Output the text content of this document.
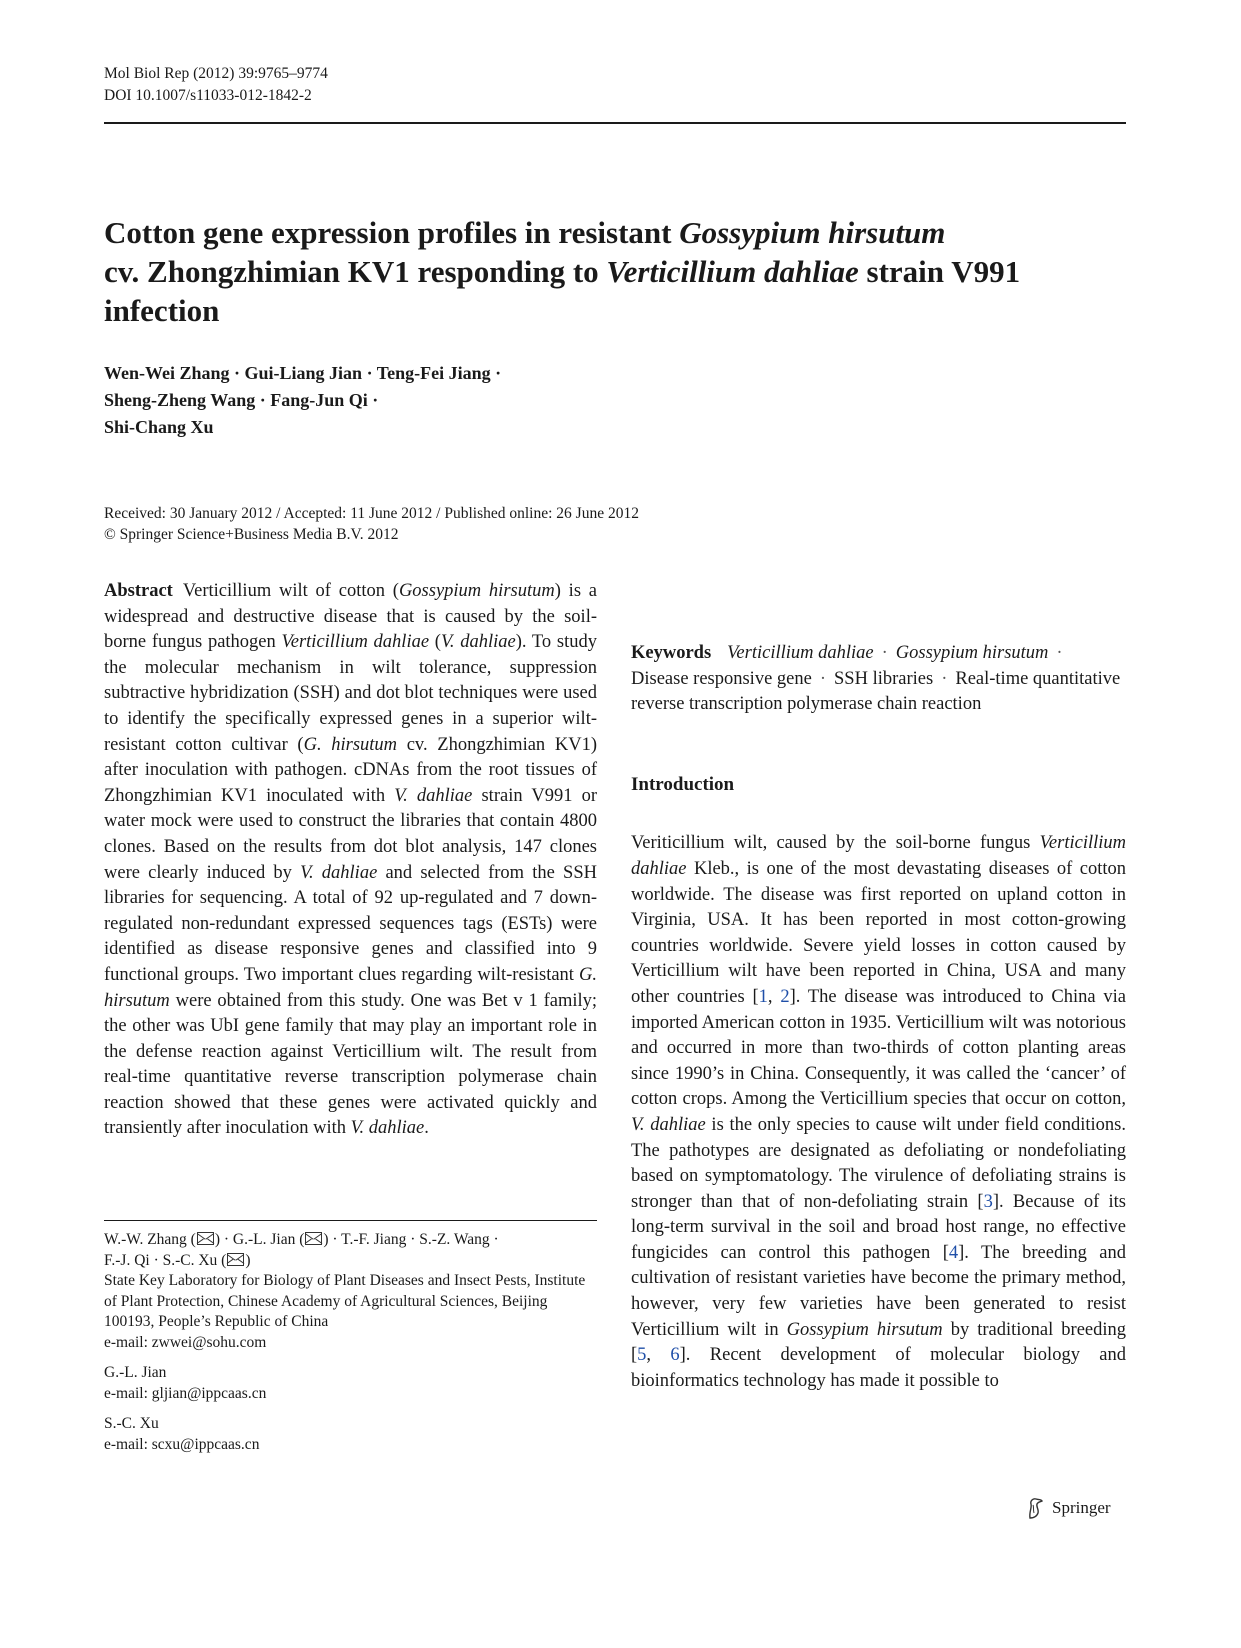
Mol Biol Rep (2012) 39:9765–9774
DOI 10.1007/s11033-012-1842-2
Cotton gene expression profiles in resistant Gossypium hirsutum
cv. Zhongzhimian KV1 responding to Verticillium dahliae strain V991 infection
Wen-Wei Zhang · Gui-Liang Jian · Teng-Fei Jiang ·
Sheng-Zheng Wang · Fang-Jun Qi ·
Shi-Chang Xu
Received: 30 January 2012 / Accepted: 11 June 2012 / Published online: 26 June 2012
© Springer Science+Business Media B.V. 2012
Abstract Verticillium wilt of cotton (Gossypium hirsutum) is a widespread and destructive disease that is caused by the soil-borne fungus pathogen Verticillium dahliae (V. dahliae). To study the molecular mechanism in wilt tolerance, suppression subtractive hybridization (SSH) and dot blot techniques were used to identify the specifically expressed genes in a superior wilt-resistant cotton cultivar (G. hirsutum cv. Zhongzhimian KV1) after inoculation with pathogen. cDNAs from the root tissues of Zhongzhimian KV1 inoculated with V. dahliae strain V991 or water mock were used to construct the libraries that contain 4800 clones. Based on the results from dot blot analysis, 147 clones were clearly induced by V. dahliae and selected from the SSH libraries for sequencing. A total of 92 up-regulated and 7 down-regulated non-redundant expressed sequences tags (ESTs) were identified as disease responsive genes and classified into 9 functional groups. Two important clues regarding wilt-resistant G. hirsutum were obtained from this study. One was Bet v 1 family; the other was UbI gene family that may play an important role in the defense reaction against Verticillium wilt. The result from real-time quantitative reverse transcription polymerase chain reaction showed that these genes were activated quickly and transiently after inoculation with V. dahliae.

W.-W. Zhang ( ) · G.-L. Jian ( ) · T.-F. Jiang · S.-Z. Wang ·
F.-J. Qi · S.-C. Xu ( )

State Key Laboratory for Biology of Plant Diseases and Insect Pests, Institute of Plant Protection, Chinese Academy of Agricultural Sciences, Beijing 100193, People’s Republic of China

e-mail: zwwei@sohu.com

G.-L. Jian

e-mail: gljian@ippcaas.cn

S.-C. Xu

e-mail: scxu@ippcaas.cn

Keywords Verticillium dahliae · Gossypium hirsutum ·
Disease responsive gene · SSH libraries · Real-time quantitative reverse transcription polymerase chain reaction
Introduction
Veriticillium wilt, caused by the soil-borne fungus Verticillium dahliae Kleb., is one of the most devastating diseases of cotton worldwide. The disease was first reported on upland cotton in Virginia, USA. It has been reported in most cotton-growing countries worldwide. Severe yield losses in cotton caused by Verticillium wilt have been reported in China, USA and many other countries [1, 2]. The disease was introduced to China via imported American cotton in 1935. Verticillium wilt was notorious and occurred in more than two-thirds of cotton planting areas since 1990’s in China. Consequently, it was called the ‘cancer’ of cotton crops. Among the Verticillium species that occur on cotton, V. dahliae is the only species to cause wilt under field conditions. The pathotypes are designated as defoliating or nondefoliating based on symptomatology. The virulence of defoliating strains is stronger than that of non-defoliating strain [3]. Because of its long-term survival in the soil and broad host range, no effective fungicides can control this pathogen [4]. The breeding and cultivation of resistant varieties have become the primary method, however, very few varieties have been generated to resist Verticillium wilt in Gossypium hirsutum by traditional breeding [5, 6]. Recent development of molecular biology and bioinformatics technology has made it possible to
Springer
